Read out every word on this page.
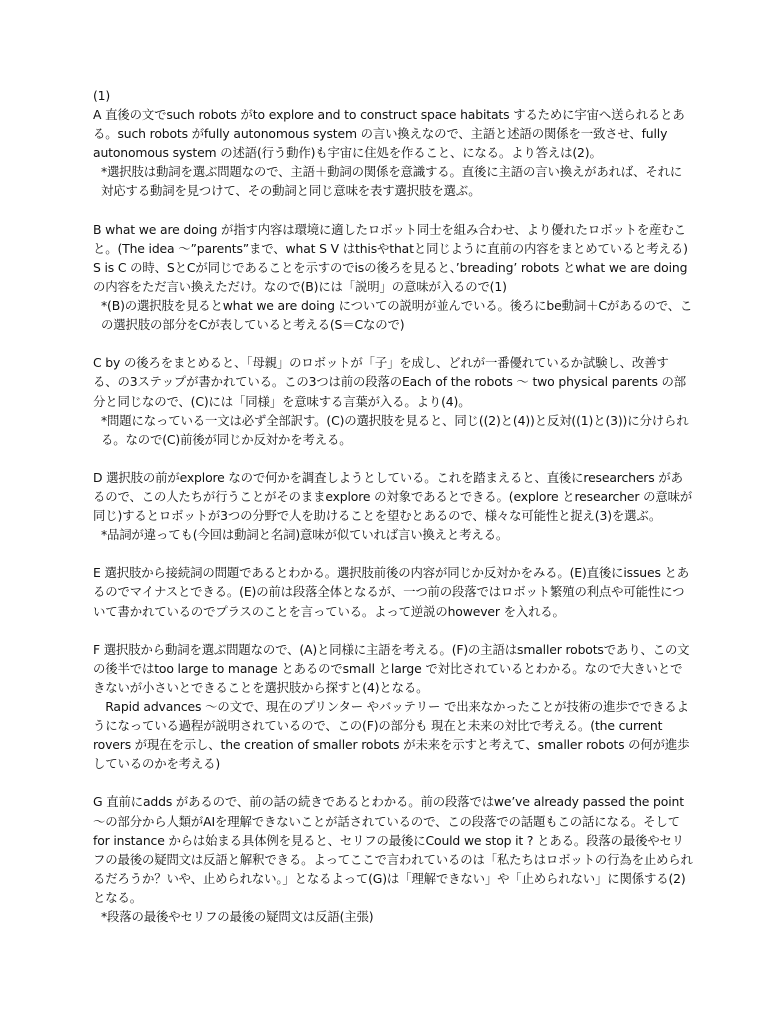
(1)

A 直後の文でsuch robots がto explore and to construct space habitats するために宇宙へ送られるとある。such robots がfully autonomous system の言い換えなので、主語と述語の関係を一致させ、fully autonomous system の述語(行う動作)も宇宙に住処を作ること、になる。より答えは(2)。

*選択肢は動詞を選ぶ問題なので、主語＋動詞の関係を意識する。直後に主語の言い換えがあれば、それに対応する動詞を見つけて、その動詞と同じ意味を表す選択肢を選ぶ。

B what we are doing が指す内容は環境に適したロボット同士を組み合わせ、より優れたロボットを産むこと。(The idea 〜”parents”まで、what S V はthisやthatと同じように直前の内容をまとめていると考える)

S is C の時、SとCが同じであることを示すのでisの後ろを見ると、’breading’ robots とwhat we are doing の内容をただ言い換えただけ。なので(B)には「説明」の意味が入るので(1)

*(B)の選択肢を見るとwhat we are doing についての説明が並んでいる。後ろにbe動詞＋Cがあるので、この選択肢の部分をCが表していると考える(S＝Cなので)

C by の後ろをまとめると、「母親」のロボットが「子」を成し、どれが一番優れているか試験し、改善する、の3ステップが書かれている。この3つは前の段落のEach of the robots 〜 two physical parents の部分と同じなので、(C)には「同様」を意味する言葉が入る。より(4)。

*問題になっている一文は必ず全部訳す。(C)の選択肢を見ると、同じ((2)と(4))と反対((1)と(3))に分けられる。なので(C)前後が同じか反対かを考える。

D 選択肢の前がexplore なので何かを調査しようとしている。これを踏まえると、直後にresearchers があるので、この人たちが行うことがそのままexplore の対象であるとできる。(explore とresearcher の意味が同じ)するとロボットが3つの分野で人を助けることを望むとあるので、様々な可能性と捉え(3)を選ぶ。

*品詞が違っても(今回は動詞と名詞)意味が似ていれば言い換えと考える。

E 選択肢から接続詞の問題であるとわかる。選択肢前後の内容が同じか反対かをみる。(E)直後にissues とあるのでマイナスとできる。(E)の前は段落全体となるが、一つ前の段落ではロボット繁殖の利点や可能性について書かれているのでプラスのことを言っている。よって逆説のhowever を入れる。

F 選択肢から動詞を選ぶ問題なので、(A)と同様に主語を考える。(F)の主語はsmaller robotsであり、この文の後半ではtoo large to manage とあるのでsmall とlarge で対比されているとわかる。なので大きいとできないが小さいとできることを選択肢から探すと(4)となる。

　Rapid advances 〜の文で、現在のプリンター やバッテリー で出来なかったことが技術の進歩でできるようになっている過程が説明されているので、この(F)の部分も 現在と未来の対比で考える。(the current rovers が現在を示し、the creation of smaller robots が未来を示すと考えて、smaller robots の何が進歩しているのかを考える)

G 直前にadds があるので、前の話の続きであるとわかる。前の段落ではwe’ve already passed the point 〜の部分から人類がAIを理解できないことが話されているので、この段落での話題もこの話になる。そしてfor instance からは始まる具体例を見ると、セリフの最後にCould we stop it ? とある。段落の最後やセリフの最後の疑問文は反語と解釈できる。よってここで言われているのは「私たちはロボットの行為を止められるだろうか？いや、止められない。」となるよって(G)は「理解できない」や「止められない」に関係する(2)となる。

*段落の最後やセリフの最後の疑問文は反語(主張)
